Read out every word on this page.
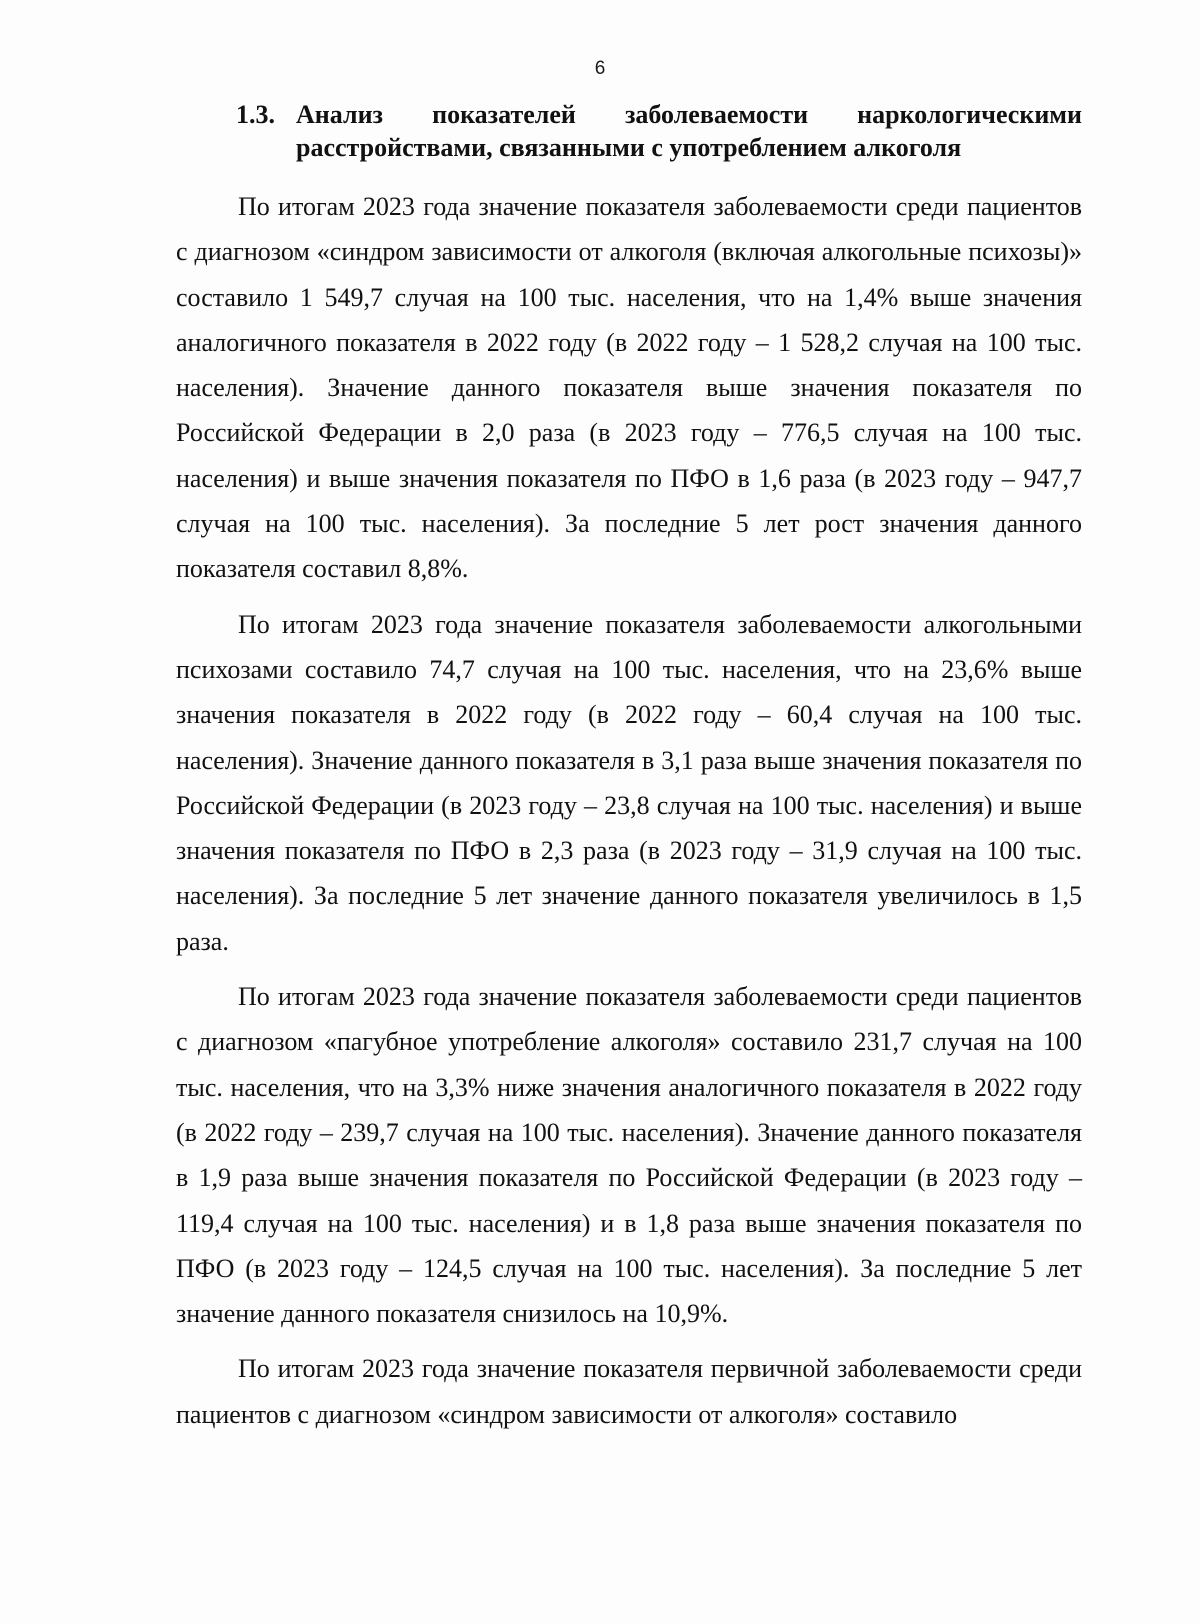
6
1.3. Анализ показателей заболеваемости наркологическими расстройствами, связанными с употреблением алкоголя

По итогам 2023 года значение показателя заболеваемости среди пациентов с диагнозом «синдром зависимости от алкоголя (включая алкогольные психозы)» составило 1 549,7 случая на 100 тыс. населения, что на 1,4% выше значения аналогичного показателя в 2022 году (в 2022 году – 1 528,2 случая на 100 тыс. населения). Значение данного показателя выше значения показателя по Российской Федерации в 2,0 раза (в 2023 году – 776,5 случая на 100 тыс. населения) и выше значения показателя по ПФО в 1,6 раза (в 2023 году – 947,7 случая на 100 тыс. населения). За последние 5 лет рост значения данного показателя составил 8,8%.

По итогам 2023 года значение показателя заболеваемости алкогольными психозами составило 74,7 случая на 100 тыс. населения, что на 23,6% выше значения показателя в 2022 году (в 2022 году – 60,4 случая на 100 тыс. населения). Значение данного показателя в 3,1 раза выше значения показателя по Российской Федерации (в 2023 году – 23,8 случая на 100 тыс. населения) и выше значения показателя по ПФО в 2,3 раза (в 2023 году – 31,9 случая на 100 тыс. населения). За последние 5 лет значение данного показателя увеличилось в 1,5 раза.

По итогам 2023 года значение показателя заболеваемости среди пациентов с диагнозом «пагубное употребление алкоголя» составило 231,7 случая на 100 тыс. населения, что на 3,3% ниже значения аналогичного показателя в 2022 году (в 2022 году – 239,7 случая на 100 тыс. населения). Значение данного показателя в 1,9 раза выше значения показателя по Российской Федерации (в 2023 году – 119,4 случая на 100 тыс. населения) и в 1,8 раза выше значения показателя по ПФО (в 2023 году – 124,5 случая на 100 тыс. населения). За последние 5 лет значение данного показателя снизилось на 10,9%.

По итогам 2023 года значение показателя первичной заболеваемости среди пациентов с диагнозом «синдром зависимости от алкоголя» составило
